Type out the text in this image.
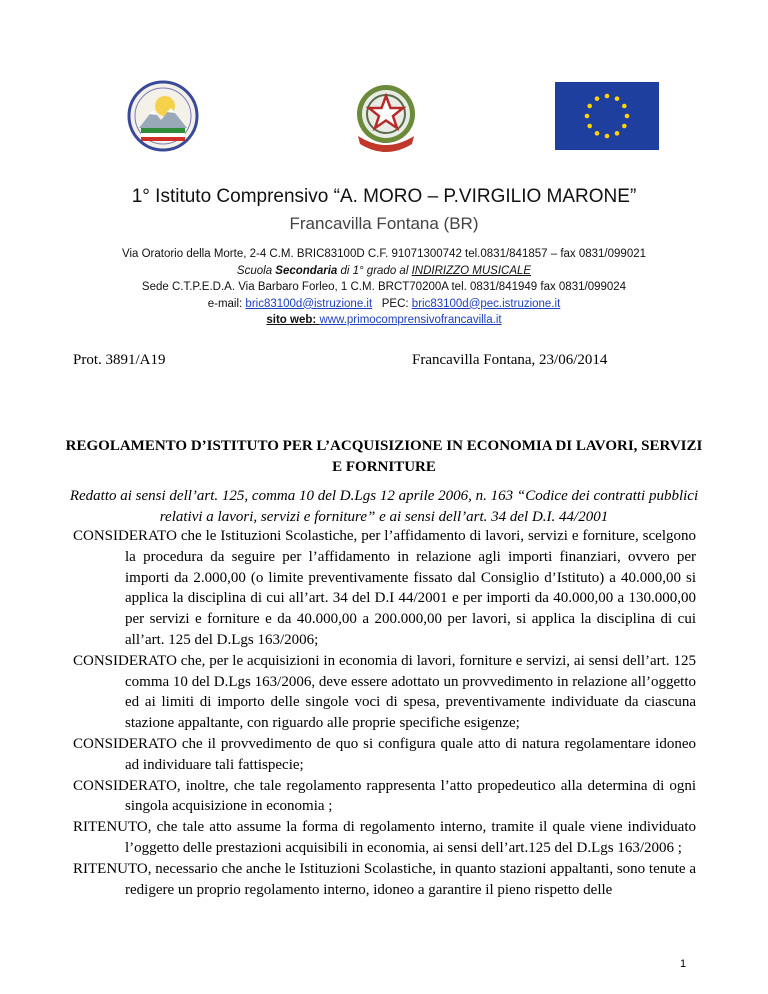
1° Istituto Comprensivo “A. MORO – P.VIRGILIO MARONE”
Francavilla Fontana (BR)
Via Oratorio della Morte, 2-4 C.M. BRIC83100D C.F. 91071300742 tel.0831/841857 – fax 0831/099021
Scuola Secondaria di 1° grado al INDIRIZZO MUSICALE
Sede C.T.P.E.D.A. Via Barbaro Forleo, 1 C.M. BRCT70200A tel. 0831/841949 fax 0831/099024
e-mail: bric83100d@istruzione.it   PEC: bric83100d@pec.istruzione.it
sito web: www.primocomprensivofrancavilla.it
Prot. 3891/A19	Francavilla Fontana, 23/06/2014
REGOLAMENTO D’ISTITUTO PER L’ACQUISIZIONE IN ECONOMIA DI LAVORI, SERVIZI E FORNITURE
Redatto ai sensi dell’art. 125, comma 10 del D.Lgs 12 aprile 2006, n. 163 “Codice dei contratti pubblici relativi a lavori, servizi e forniture” e ai sensi dell’art. 34 del D.I. 44/2001

CONSIDERATO che le Istituzioni Scolastiche, per l’affidamento di lavori, servizi e forniture, scelgono la procedura da seguire per l’affidamento in relazione agli importi finanziari, ovvero per importi da 2.000,00 (o limite preventivamente fissato dal Consiglio d’Istituto) a 40.000,00 si applica la disciplina di cui all’art. 34 del D.I 44/2001 e per importi da 40.000,00 a 130.000,00 per servizi e forniture e da 40.000,00 a 200.000,00 per lavori, si applica la disciplina di cui all’art. 125 del D.Lgs 163/2006;

CONSIDERATO che, per le acquisizioni in economia di lavori, forniture e servizi, ai sensi dell’art. 125 comma 10 del D.Lgs 163/2006, deve essere adottato un provvedimento in relazione all’oggetto ed ai limiti di importo delle singole voci di spesa, preventivamente individuate da ciascuna stazione appaltante, con riguardo alle proprie specifiche esigenze;

CONSIDERATO che il provvedimento de quo si configura quale atto di natura regolamentare idoneo ad individuare tali fattispecie;

CONSIDERATO, inoltre, che tale regolamento rappresenta l’atto propedeutico alla determina di ogni singola acquisizione in economia ;

RITENUTO, che tale atto assume la forma di regolamento interno, tramite il quale viene individuato l’oggetto delle prestazioni acquisibili in economia, ai sensi dell’art.125 del D.Lgs 163/2006 ;

RITENUTO, necessario che anche le Istituzioni Scolastiche, in quanto stazioni appaltanti, sono tenute a redigere un proprio regolamento interno, idoneo a garantire il pieno rispetto delle

1
